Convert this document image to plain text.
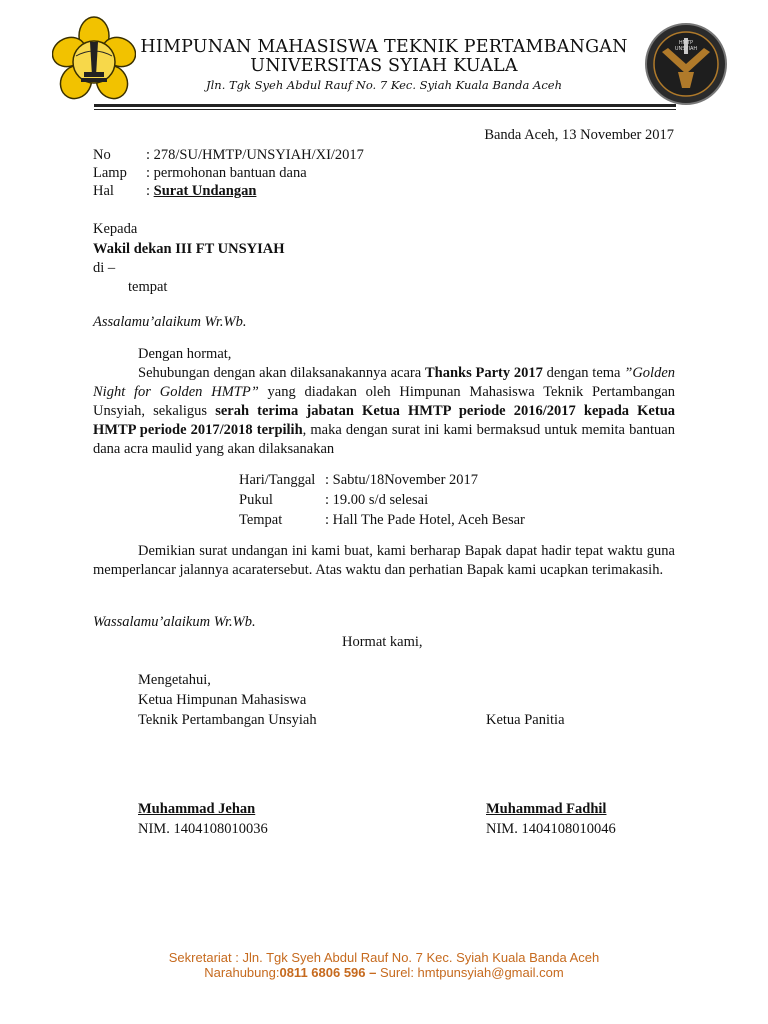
HMTP UNSYIAH
HIMPUNAN MAHASISWA TEKNIK PERTAMBANGAN
UNIVERSITAS SYIAH KUALA
Jln. Tgk Syeh Abdul Rauf No. 7 Kec. Syiah Kuala Banda Aceh
Banda Aceh, 13 November 2017
No : 278/SU/HMTP/UNSYIAH/XI/2017
Lamp : permohonan bantuan dana
Hal : Surat Undangan
Kepada
Wakil dekan III FT UNSYIAH
di –
tempat
Assalamu’alaikum Wr.Wb.
Dengan hormat,
Sehubungan dengan akan dilaksanakannya acara Thanks Party 2017 dengan tema ”Golden Night for Golden HMTP” yang diadakan oleh Himpunan Mahasiswa Teknik Pertambangan Unsyiah, sekaligus serah terima jabatan Ketua HMTP periode 2016/2017 kepada Ketua HMTP periode 2017/2018 terpilih, maka dengan surat ini kami bermaksud untuk memita bantuan dana acra maulid yang akan dilaksanakan
Hari/Tanggal : Sabtu/18November 2017
Pukul	: 19.00 s/d selesai
Tempat	: Hall The Pade Hotel, Aceh Besar
Demikian surat undangan ini kami buat, kami berharap Bapak dapat hadir tepat waktu guna memperlancar jalannya acaratersebut. Atas waktu dan perhatian Bapak kami ucapkan terimakasih.
Wassalamu’alaikum Wr.Wb.
Hormat kami,
Mengetahui,
Ketua Himpunan Mahasiswa
Teknik Pertambangan Unsyiah	Ketua Panitia
Muhammad Jehan
NIM. 1404108010036
Muhammad Fadhil
NIM. 1404108010046
Sekretariat : Jln. Tgk Syeh Abdul Rauf No. 7 Kec. Syiah Kuala Banda Aceh
Narahubung:0811 6806 596 – Surel: hmtpunsyiah@gmail.com
